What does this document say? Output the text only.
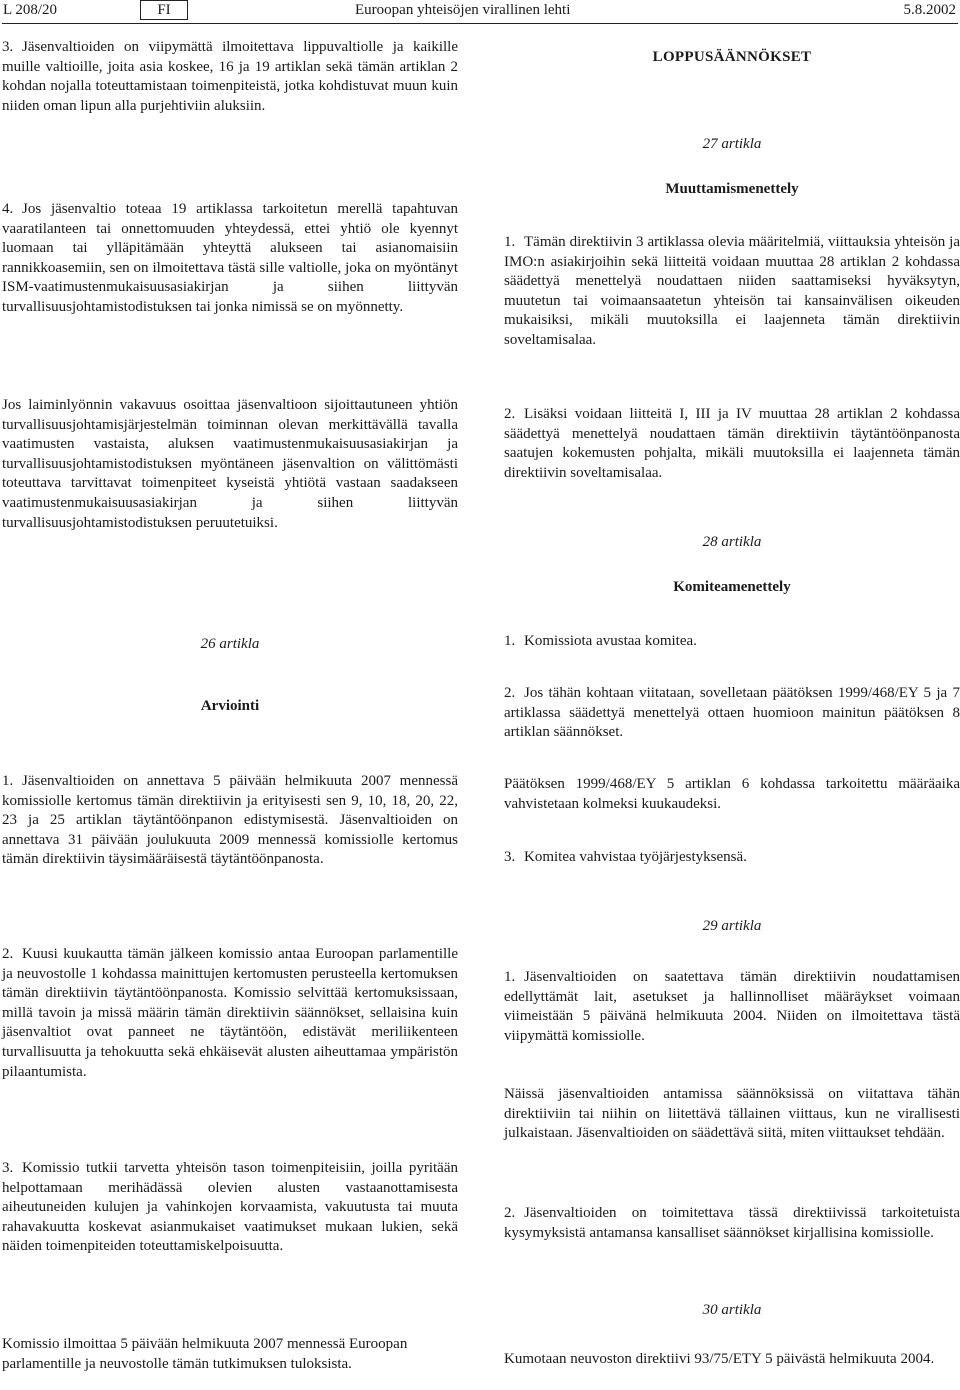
L 208/20	FI	Euroopan yhteisöjen virallinen lehti	5.8.2002

3. Jäsenvaltioiden on viipymättä ilmoitettava lippuvaltiolle ja kaikille muille valtioille, joita asia koskee, 16 ja 19 artiklan sekä tämän artiklan 2 kohdan nojalla toteuttamistaan toimenpiteistä, jotka kohdistuvat muun kuin niiden oman lipun alla purjehtiviin aluksiin.

4. Jos jäsenvaltio toteaa 19 artiklassa tarkoitetun merellä tapahtuvan vaaratilanteen tai onnettomuuden yhteydessä, ettei yhtiö ole kyennyt luomaan tai ylläpitämään yhteyttä alukseen tai asianomaisiin rannikkoasemiin, sen on ilmoitettava tästä sille valtiolle, joka on myöntänyt ISM-vaatimustenmukaisuusasiakirjan ja siihen liittyvän turvallisuusjohtamistodistuksen tai jonka nimissä se on myönnetty.

Jos laiminlyönnin vakavuus osoittaa jäsenvaltioon sijoittautuneen yhtiön turvallisuusjohtamisjärjestelmän toiminnan olevan merkittävällä tavalla vaatimusten vastaista, aluksen vaatimustenmukaisuusasiakirjan ja turvallisuusjohtamistodistuksen myöntäneen jäsenvaltion on välittömästi toteuttava tarvittavat toimenpiteet kyseistä yhtiötä vastaan saadakseen vaatimustenmukaisuusasiakirjan ja siihen liittyvän turvallisuusjohtamistodistuksen peruutetuiksi.

26 artikla
Arviointi

1. Jäsenvaltioiden on annettava 5 päivään helmikuuta 2007 mennessä komissiolle kertomus tämän direktiivin ja erityisesti sen 9, 10, 18, 20, 22, 23 ja 25 artiklan täytäntöönpanon edistymisestä. Jäsenvaltioiden on annettava 31 päivään joulukuuta 2009 mennessä komissiolle kertomus tämän direktiivin täysimääräisestä täytäntöönpanosta.

2. Kuusi kuukautta tämän jälkeen komissio antaa Euroopan parlamentille ja neuvostolle 1 kohdassa mainittujen kertomusten perusteella kertomuksen tämän direktiivin täytäntöönpanosta. Komissio selvittää kertomuksissaan, millä tavoin ja missä määrin tämän direktiivin säännökset, sellaisina kuin jäsenvaltiot ovat panneet ne täytäntöön, edistävät meriliikenteen turvallisuutta ja tehokuutta sekä ehkäisevät alusten aiheuttamaa ympäristön pilaantumista.

3. Komissio tutkii tarvetta yhteisön tason toimenpiteisiin, joilla pyritään helpottamaan merihädässä olevien alusten vastaanottamisesta aiheutuneiden kulujen ja vahinkojen korvaamista, vakuutusta tai muuta rahavakuutta koskevat asianmukaiset vaatimukset mukaan lukien, sekä näiden toimenpiteiden toteuttamiskelpoisuutta.

Komissio ilmoittaa 5 päivään helmikuuta 2007 mennessä Euroopan parlamentille ja neuvostolle tämän tutkimuksen tuloksista.

LOPPUSÄÄNNÖKSET
27 artikla
Muuttamismenettely

1. Tämän direktiivin 3 artiklassa olevia määritelmiä, viittauksia yhteisön ja IMO:n asiakirjoihin sekä liitteitä voidaan muuttaa 28 artiklan 2 kohdassa säädettyä menettelyä noudattaen niiden saattamiseksi hyväksytyn, muutetun tai voimaansaatetun yhteisön tai kansainvälisen oikeuden mukaisiksi, mikäli muutoksilla ei laajenneta tämän direktiivin soveltamisalaa.

2. Lisäksi voidaan liitteitä I, III ja IV muuttaa 28 artiklan 2 kohdassa säädettyä menettelyä noudattaen tämän direktiivin täytäntöönpanosta saatujen kokemusten pohjalta, mikäli muutoksilla ei laajenneta tämän direktiivin soveltamisalaa.

28 artikla
Komiteamenettely

1. Komissiota avustaa komitea.

2. Jos tähän kohtaan viitataan, sovelletaan päätöksen 1999/468/EY 5 ja 7 artiklassa säädettyä menettelyä ottaen huomioon mainitun päätöksen 8 artiklan säännökset.

Päätöksen 1999/468/EY 5 artiklan 6 kohdassa tarkoitettu määräaika vahvistetaan kolmeksi kuukaudeksi.

3. Komitea vahvistaa työjärjestyksensä.

29 artikla

1. Jäsenvaltioiden on saatettava tämän direktiivin noudattamisen edellyttämät lait, asetukset ja hallinnolliset määräykset voimaan viimeistään 5 päivänä helmikuuta 2004. Niiden on ilmoitettava tästä viipymättä komissiolle.

Näissä jäsenvaltioiden antamissa säännöksissä on viitattava tähän direktiiviin tai niihin on liitettävä tällainen viittaus, kun ne virallisesti julkaistaan. Jäsenvaltioiden on säädettävä siitä, miten viittaukset tehdään.

2. Jäsenvaltioiden on toimitettava tässä direktiivissä tarkoitetuista kysymyksistä antamansa kansalliset säännökset kirjallisina komissiolle.

30 artikla

Kumotaan neuvoston direktiivi 93/75/ETY 5 päivästä helmikuuta 2004.
